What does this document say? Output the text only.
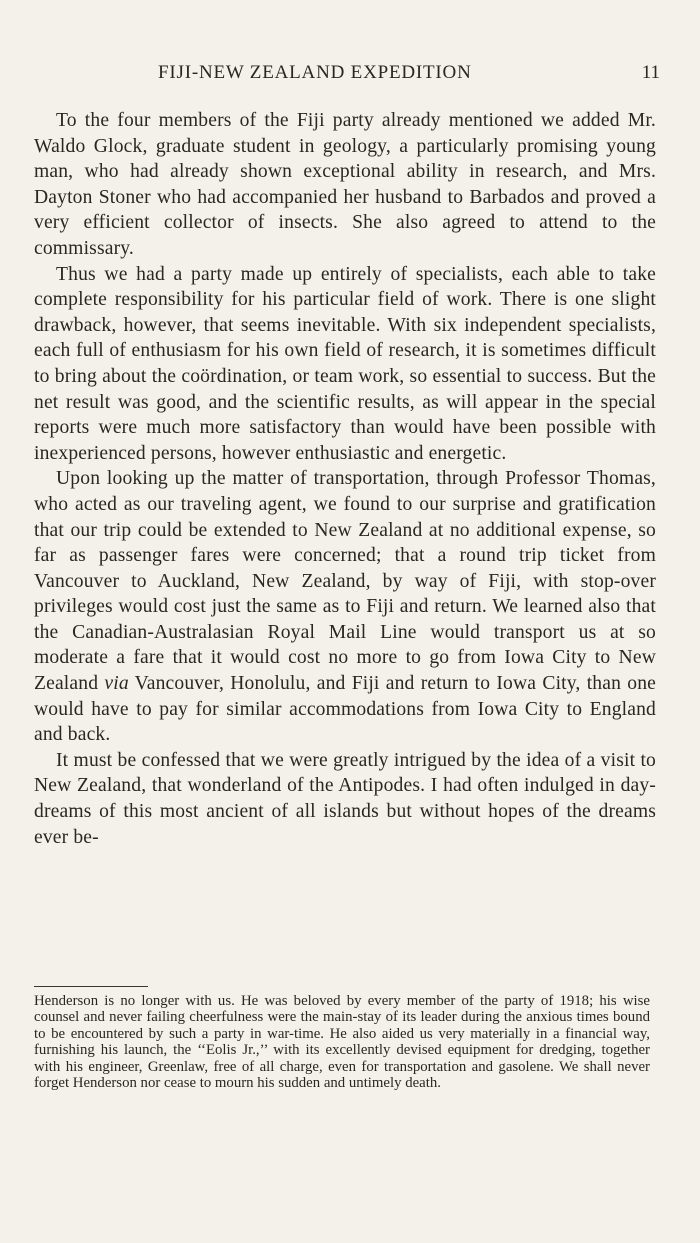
FIJI-NEW ZEALAND EXPEDITION	11

To the four members of the Fiji party already mentioned we added Mr. Waldo Glock, graduate student in geology, a particularly promising young man, who had already shown exceptional ability in research, and Mrs. Dayton Stoner who had accompanied her husband to Barbados and proved a very efficient collector of insects. She also agreed to attend to the commissary.

Thus we had a party made up entirely of specialists, each able to take complete responsibility for his particular field of work. There is one slight drawback, however, that seems inevitable. With six independent specialists, each full of enthusiasm for his own field of research, it is sometimes difficult to bring about the coördination, or team work, so essential to success. But the net result was good, and the scientific results, as will appear in the special reports were much more satisfactory than would have been possible with inexperienced persons, however enthusiastic and energetic.

Upon looking up the matter of transportation, through Professor Thomas, who acted as our traveling agent, we found to our surprise and gratification that our trip could be extended to New Zealand at no additional expense, so far as passenger fares were concerned; that a round trip ticket from Vancouver to Auckland, New Zealand, by way of Fiji, with stop-over privileges would cost just the same as to Fiji and return. We learned also that the Canadian-Australasian Royal Mail Line would transport us at so moderate a fare that it would cost no more to go from Iowa City to New Zealand via Vancouver, Honolulu, and Fiji and return to Iowa City, than one would have to pay for similar accommodations from Iowa City to England and back.

It must be confessed that we were greatly intrigued by the idea of a visit to New Zealand, that wonderland of the Antipodes. I had often indulged in day-dreams of this most ancient of all islands but without hopes of the dreams ever be-

Henderson is no longer with us. He was beloved by every member of the party of 1918; his wise counsel and never failing cheerfulness were the main-stay of its leader during the anxious times bound to be encountered by such a party in war-time. He also aided us very materially in a financial way, furnishing his launch, the ‘‘Eolis Jr.,’’ with its excellently devised equipment for dredging, together with his engineer, Greenlaw, free of all charge, even for transportation and gasolene. We shall never forget Henderson nor cease to mourn his sudden and untimely death.
